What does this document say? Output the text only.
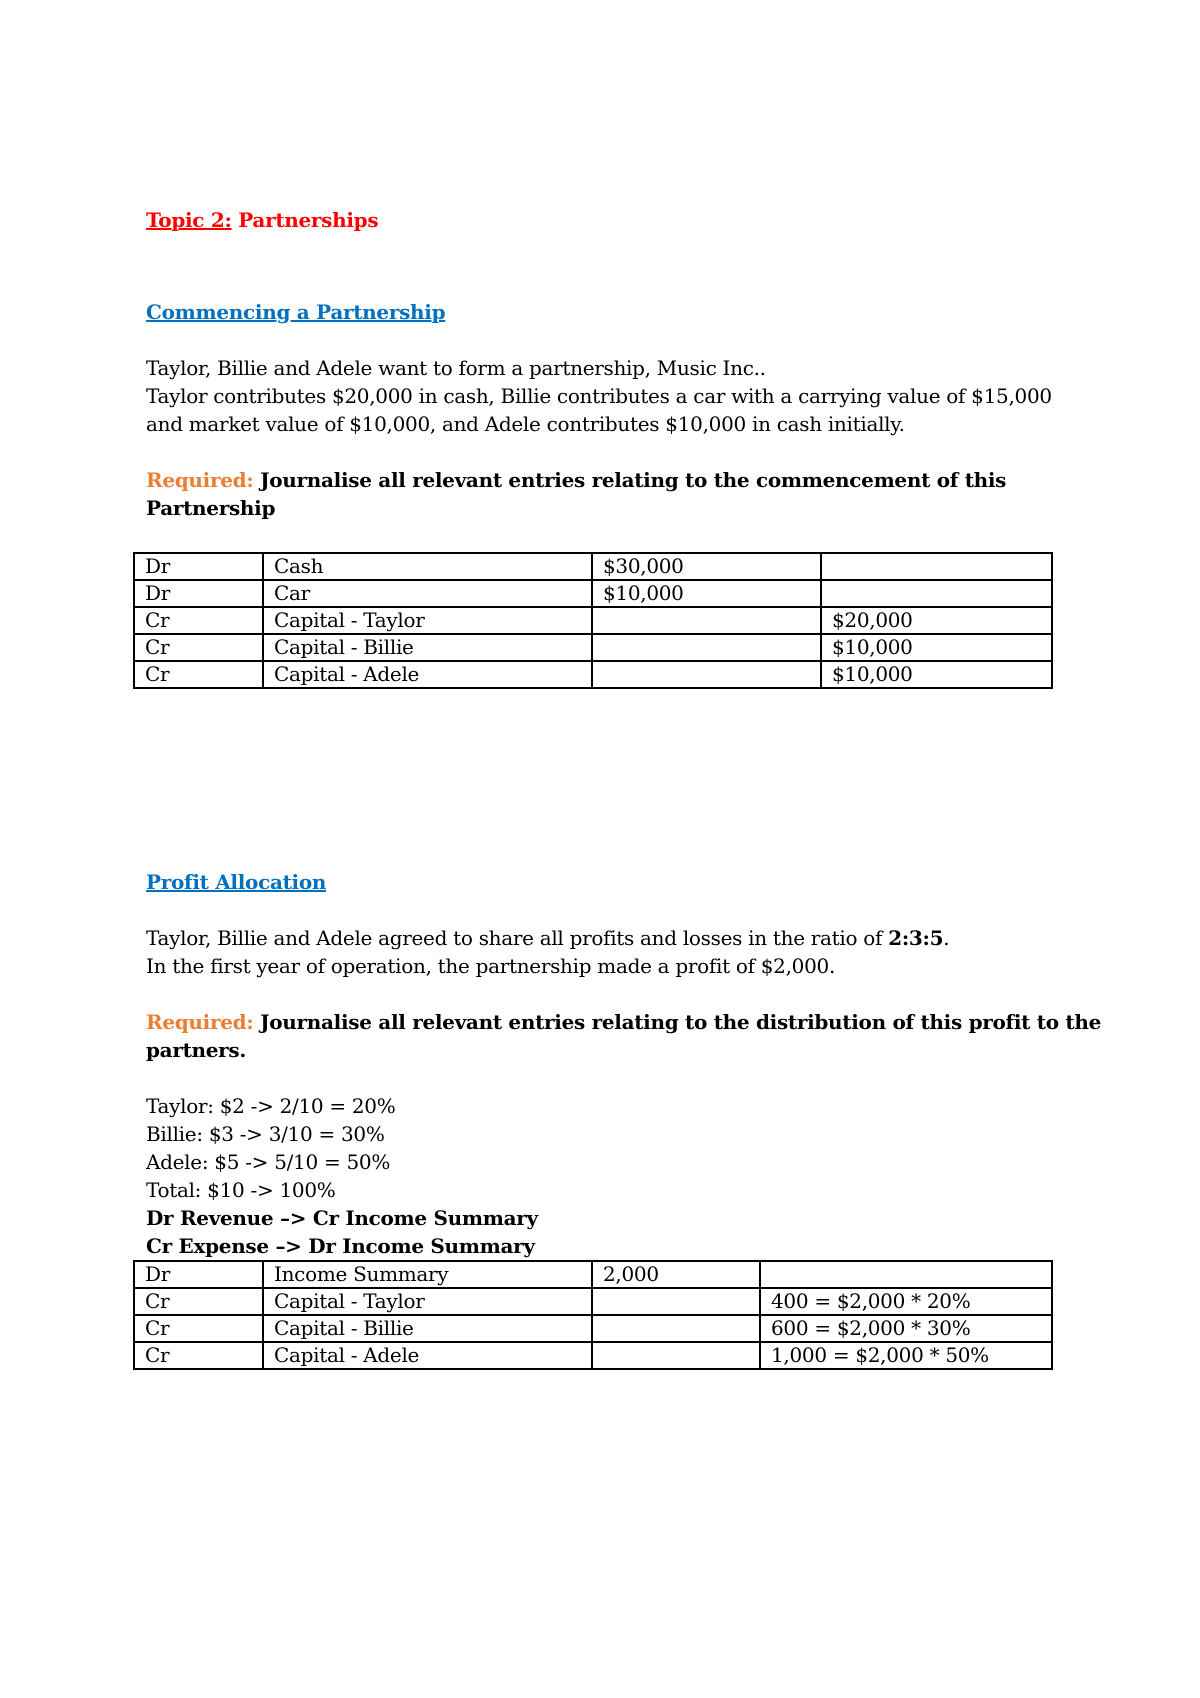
Topic 2: Partnerships

Commencing a Partnership

Taylor, Billie and Adele want to form a partnership, Music Inc..

Taylor contributes $20,000 in cash, Billie contributes a car with a carrying value of $15,000

and market value of $10,000, and Adele contributes $10,000 in cash initially.

Required: Journalise all relevant entries relating to the commencement of this

Partnership

Dr	Cash	$30,000	
Dr	Car	$10,000	
Cr	Capital - Taylor		$20,000
Cr	Capital - Billie		$10,000
Cr	Capital - Adele		$10,000

Profit Allocation

Taylor, Billie and Adele agreed to share all profits and losses in the ratio of 2:3:5.

In the first year of operation, the partnership made a profit of $2,000.

Required: Journalise all relevant entries relating to the distribution of this profit to the

partners.

Taylor: $2 -> 2/10 = 20%

Billie: $3 -> 3/10 = 30%

Adele: $5 -> 5/10 = 50%

Total: $10 -> 100%

Dr Revenue –> Cr Income Summary

Cr Expense –> Dr Income Summary

Dr	Income Summary	2,000	
Cr	Capital - Taylor		400 = $2,000 * 20%
Cr	Capital - Billie		600 = $2,000 * 30%
Cr	Capital - Adele		1,000 = $2,000 * 50%
